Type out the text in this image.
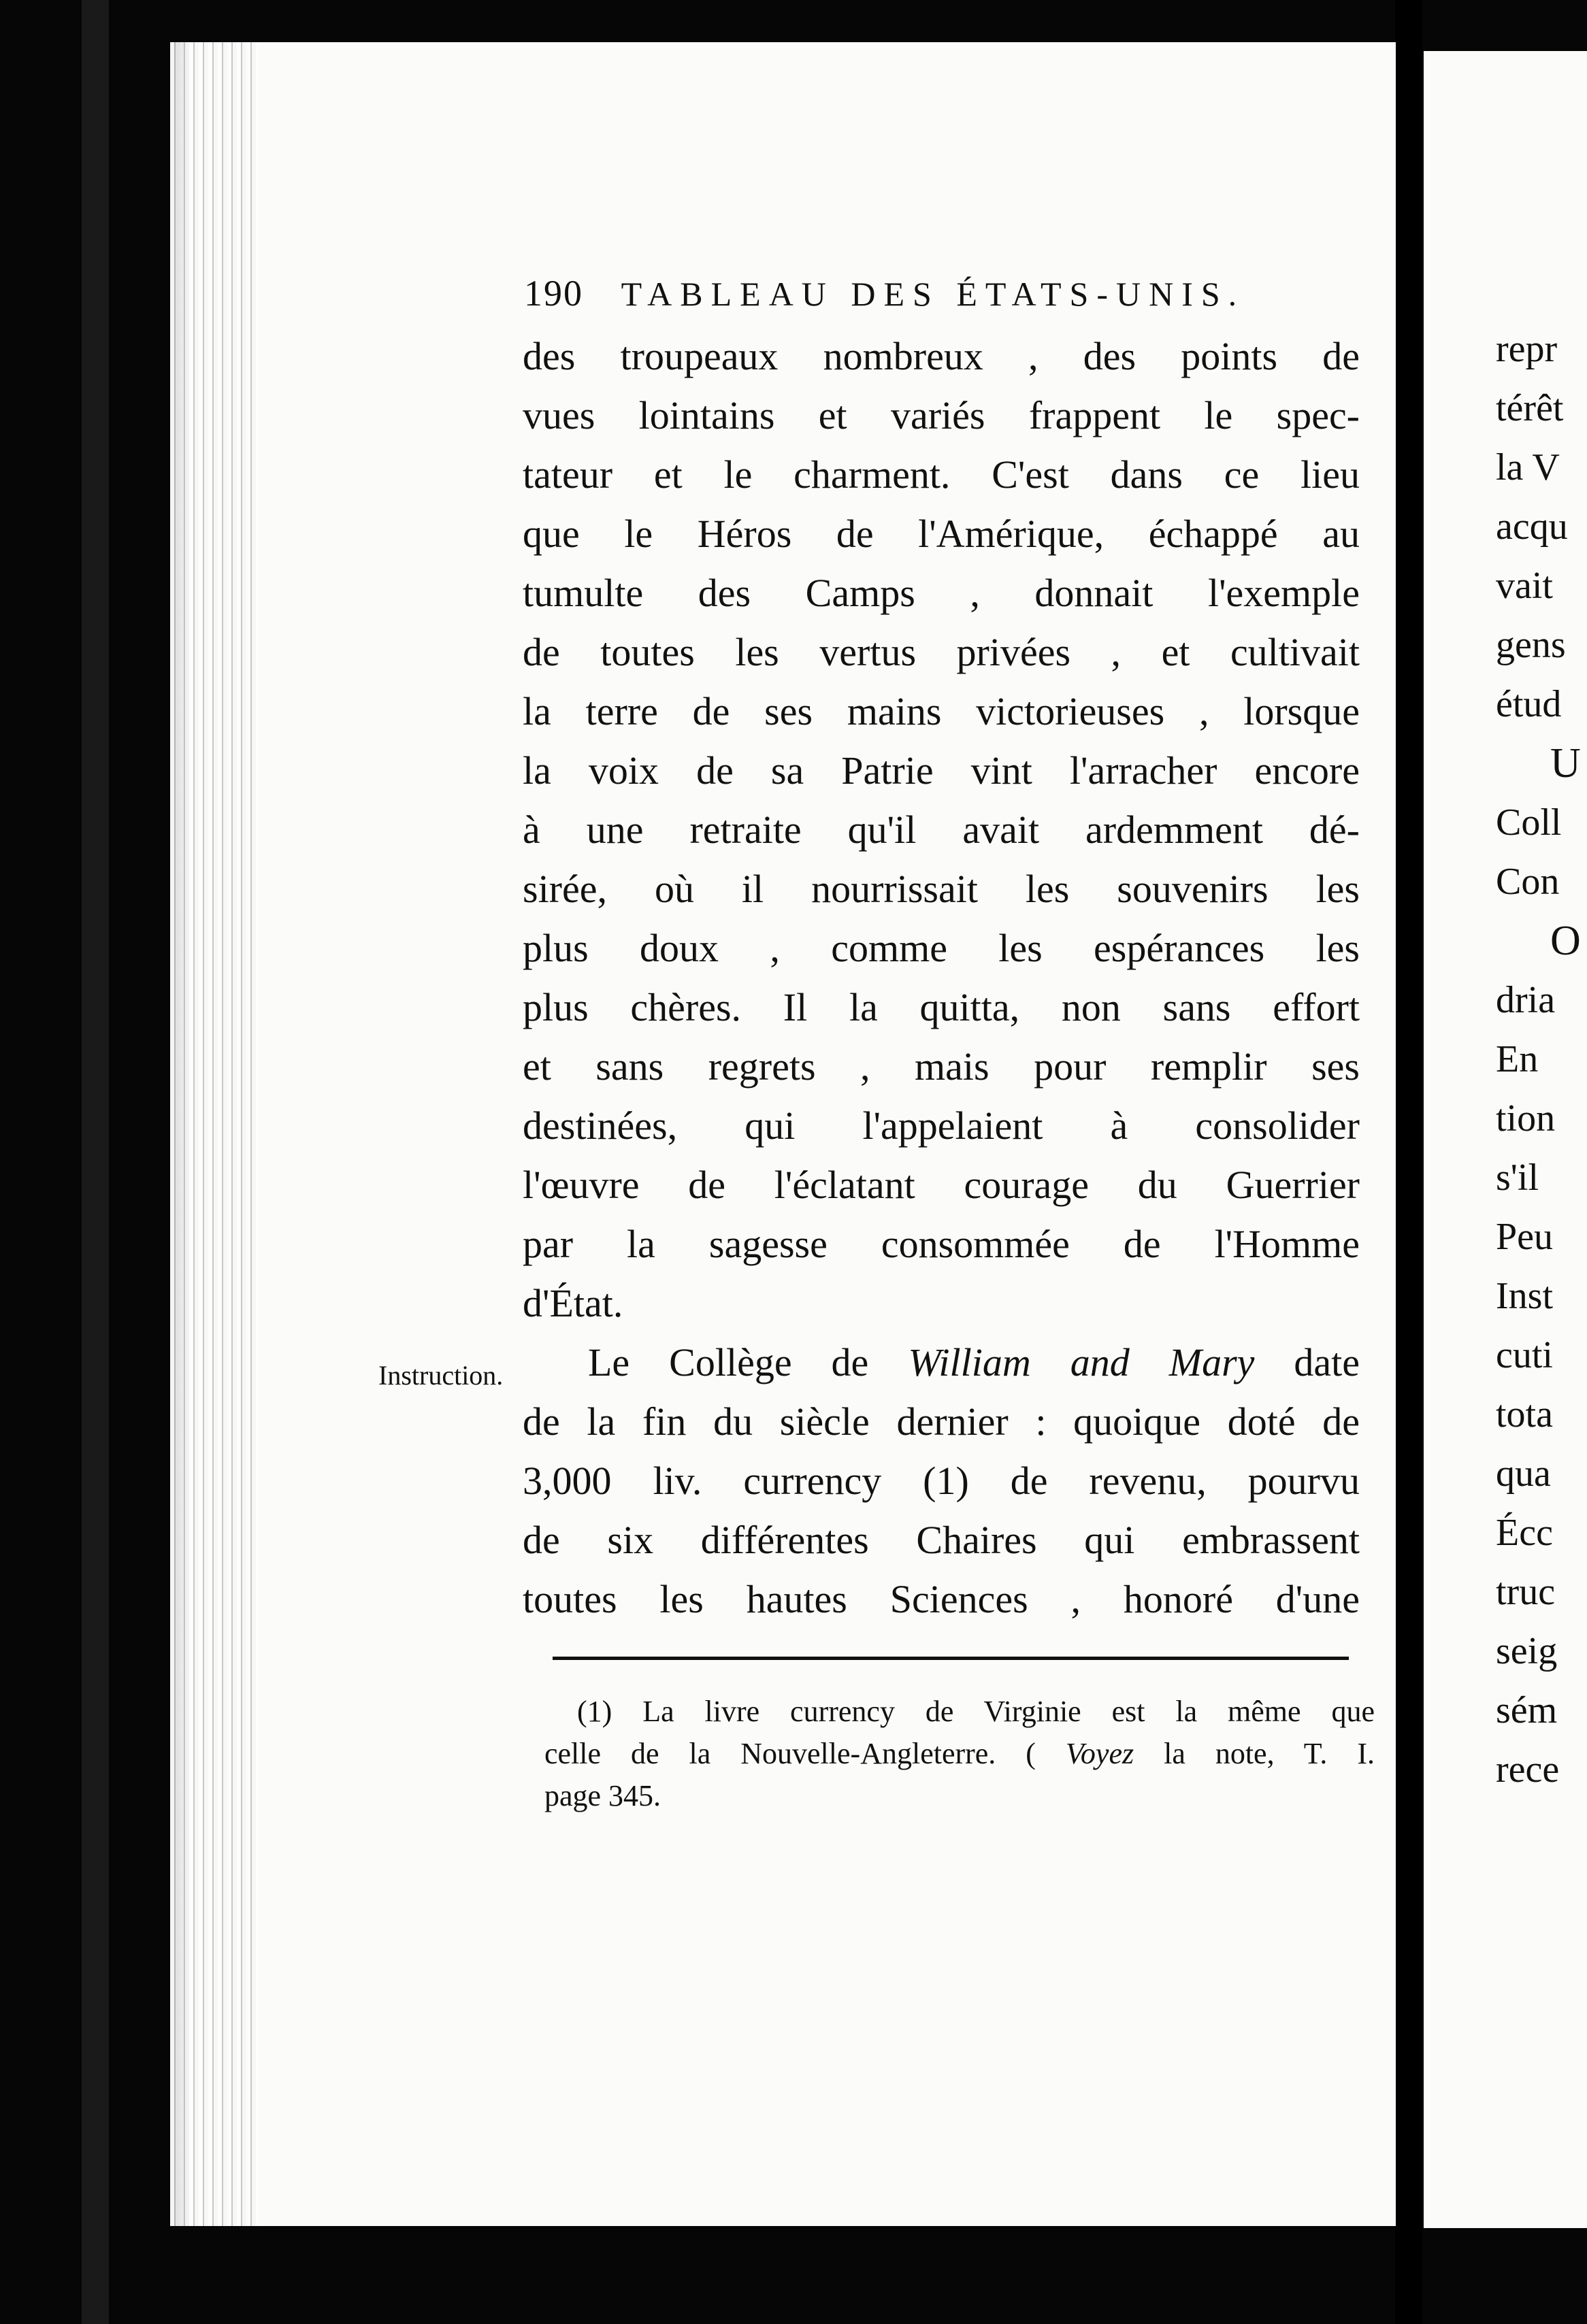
190 TABLEAU DES ÉTATS-UNIS.
des troupeaux nombreux , des points de
vues lointains et variés frappent le spec-
tateur et le charment. C'est dans ce lieu
que le Héros de l'Amérique, échappé au
tumulte des Camps , donnait l'exemple
de toutes les vertus privées , et cultivait
la terre de ses mains victorieuses , lorsque
la voix de sa Patrie vint l'arracher encore
à une retraite qu'il avait ardemment dé-
sirée, où il nourrissait les souvenirs les
plus doux , comme les espérances les
plus chères. Il la quitta, non sans effort
et sans regrets , mais pour remplir ses
destinées, qui l'appelaient à consolider
l'œuvre de l'éclatant courage du Guerrier
par la sagesse consommée de l'Homme
d'État.
Le Collège de William and Mary date
de la fin du siècle dernier : quoique doté de
3,000 liv. currency (1) de revenu, pourvu
de six différentes Chaires qui embrassent
toutes les hautes Sciences , honoré d'une
Instruction.
(1) La livre currency de Virginie est la même que
celle de la Nouvelle-Angleterre. ( Voyez la note, T. I.
page 345.
repr
térêt
la V
acqu
vait
gens
étud
U
Coll
Con
O
dria
En
tion
s'il
Peu
Inst
cuti
tota
qua
Écc
truc
seig
sém
rece
